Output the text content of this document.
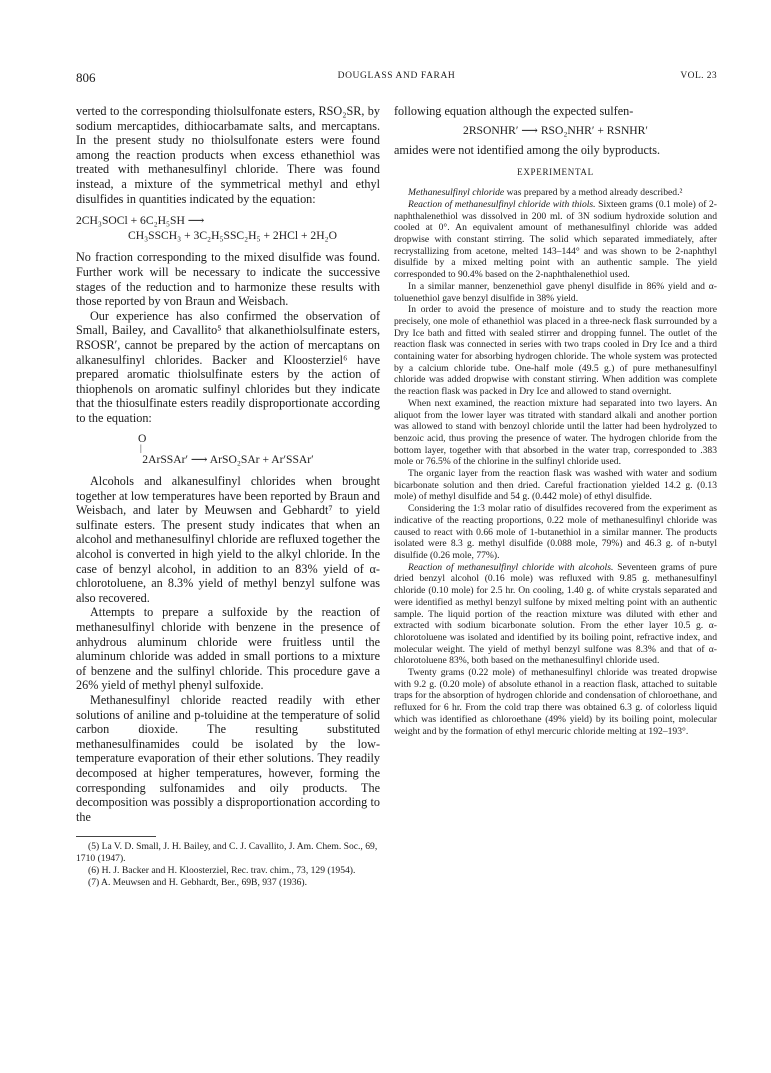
806	DOUGLASS AND FARAH	VOL. 23

verted to the corresponding thiolsulfonate esters, RSO₂SR, by sodium mercaptides, dithiocarbamate salts, and mercaptans. In the present study no thiolsulfonate esters were found among the reaction products when excess ethanethiol was treated with methanesulfinyl chloride. There was found instead, a mixture of the symmetrical methyl and ethyl disulfides in quantities indicated by the equation:

2CH₃SOCl + 6C₂H₅SH ⟶
CH₃SSCH₃ + 3C₂H₅SSC₂H₅ + 2HCl + 2H₂O

No fraction corresponding to the mixed disulfide was found. Further work will be necessary to indicate the successive stages of the reduction and to harmonize these results with those reported by von Braun and Weisbach.

Our experience has also confirmed the observation of Small, Bailey, and Cavallito⁵ that alkanethiolsulfinate esters, RSOSR′, cannot be prepared by the action of mercaptans on alkanesulfinyl chlorides. Backer and Kloosterziel⁶ have prepared aromatic thiolsulfinate esters by the action of thiophenols on aromatic sulfinyl chlorides but they indicate that the thiosulfinate esters readily disproportionate according to the equation:

O
|
2ArSSAr′ ⟶ ArSO₂SAr + Ar′SSAr′

Alcohols and alkanesulfinyl chlorides when brought together at low temperatures have been reported by Braun and Weisbach, and later by Meuwsen and Gebhardt⁷ to yield sulfinate esters. The present study indicates that when an alcohol and methanesulfinyl chloride are refluxed together the alcohol is converted in high yield to the alkyl chloride. In the case of benzyl alcohol, in addition to an 83% yield of α-chlorotoluene, an 8.3% yield of methyl benzyl sulfone was also recovered.

Attempts to prepare a sulfoxide by the reaction of methanesulfinyl chloride with benzene in the presence of anhydrous aluminum chloride were fruitless until the aluminum chloride was added in small portions to a mixture of benzene and the sulfinyl chloride. This procedure gave a 26% yield of methyl phenyl sulfoxide.

Methanesulfinyl chloride reacted readily with ether solutions of aniline and p-toluidine at the temperature of solid carbon dioxide. The resulting substituted methanesulfinamides could be isolated by the low-temperature evaporation of their ether solutions. They readily decomposed at higher temperatures, however, forming the corresponding sulfonamides and oily products. The decomposition was possibly a disproportionation according to the

(5) La V. D. Small, J. H. Bailey, and C. J. Cavallito, J. Am. Chem. Soc., 69, 1710 (1947).

(6) H. J. Backer and H. Kloosterziel, Rec. trav. chim., 73, 129 (1954).

(7) A. Meuwsen and H. Gebhardt, Ber., 69B, 937 (1936).

following equation although the expected sulfen-

2RSONHR′ ⟶ RSO₂NHR′ + RSNHR′

amides were not identified among the oily byproducts.

EXPERIMENTAL

Methanesulfinyl chloride was prepared by a method already described.²

Reaction of methanesulfinyl chloride with thiols. Sixteen grams (0.1 mole) of 2-naphthalenethiol was dissolved in 200 ml. of 3N sodium hydroxide solution and cooled at 0°. An equivalent amount of methanesulfinyl chloride was added dropwise with constant stirring. The solid which separated immediately, after recrystallizing from acetone, melted 143–144° and was shown to be 2-naphthyl disulfide by a mixed melting point with an authentic sample. The yield corresponded to 90.4% based on the 2-naphthalenethiol used.

In a similar manner, benzenethiol gave phenyl disulfide in 86% yield and α-toluenethiol gave benzyl disulfide in 38% yield.

In order to avoid the presence of moisture and to study the reaction more precisely, one mole of ethanethiol was placed in a three-neck flask surrounded by a Dry Ice bath and fitted with sealed stirrer and dropping funnel. The outlet of the reaction flask was connected in series with two traps cooled in Dry Ice and a third containing water for absorbing hydrogen chloride. The whole system was protected by a calcium chloride tube. One-half mole (49.5 g.) of pure methanesulfinyl chloride was added dropwise with constant stirring. When addition was complete the reaction flask was packed in Dry Ice and allowed to stand overnight.

When next examined, the reaction mixture had separated into two layers. An aliquot from the lower layer was titrated with standard alkali and another portion was allowed to stand with benzoyl chloride until the latter had been hydrolyzed to benzoic acid, thus proving the presence of water. The hydrogen chloride from the bottom layer, together with that absorbed in the water trap, corresponded to .383 mole or 76.5% of the chlorine in the sulfinyl chloride used.

The organic layer from the reaction flask was washed with water and sodium bicarbonate solution and then dried. Careful fractionation yielded 14.2 g. (0.13 mole) of methyl disulfide and 54 g. (0.442 mole) of ethyl disulfide.

Considering the 1:3 molar ratio of disulfides recovered from the experiment as indicative of the reacting proportions, 0.22 mole of methanesulfinyl chloride was caused to react with 0.66 mole of 1-butanethiol in a similar manner. The products isolated were 8.3 g. methyl disulfide (0.088 mole, 79%) and 46.3 g. of n-butyl disulfide (0.26 mole, 77%).

Reaction of methanesulfinyl chloride with alcohols. Seventeen grams of pure dried benzyl alcohol (0.16 mole) was refluxed with 9.85 g. methanesulfinyl chloride (0.10 mole) for 2.5 hr. On cooling, 1.40 g. of white crystals separated and were identified as methyl benzyl sulfone by mixed melting point with an authentic sample. The liquid portion of the reaction mixture was diluted with ether and extracted with sodium bicarbonate solution. From the ether layer 10.5 g. α-chlorotoluene was isolated and identified by its boiling point, refractive index, and molecular weight. The yield of methyl benzyl sulfone was 8.3% and that of α-chlorotoluene 83%, both based on the methanesulfinyl chloride used.

Twenty grams (0.22 mole) of methanesulfinyl chloride was treated dropwise with 9.2 g. (0.20 mole) of absolute ethanol in a reaction flask, attached to suitable traps for the absorption of hydrogen chloride and condensation of chloroethane, and refluxed for 6 hr. From the cold trap there was obtained 6.3 g. of colorless liquid which was identified as chloroethane (49% yield) by its boiling point, molecular weight and by the formation of ethyl mercuric chloride melting at 192–193°.
